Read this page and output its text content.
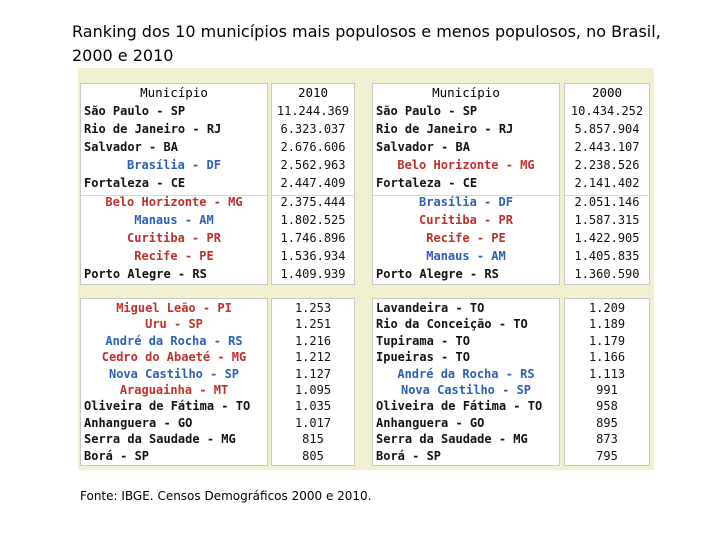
Ranking dos 10 municípios mais populosos e menos populosos, no Brasil, 2000 e 2010
Município
São Paulo - SP
Rio de Janeiro - RJ
Salvador - BA
Brasília - DF
Fortaleza - CE
Belo Horizonte - MG
Manaus - AM
Curitiba - PR
Recife - PE
Porto Alegre - RS
2010
11.244.369
6.323.037
2.676.606
2.562.963
2.447.409
2.375.444
1.802.525
1.746.896
1.536.934
1.409.939
Município
São Paulo - SP
Rio de Janeiro - RJ
Salvador - BA
Belo Horizonte - MG
Fortaleza - CE
Brasília - DF
Curitiba - PR
Recife - PE
Manaus - AM
Porto Alegre - RS
2000
10.434.252
5.857.904
2.443.107
2.238.526
2.141.402
2.051.146
1.587.315
1.422.905
1.405.835
1.360.590
Miguel Leão - PI
Uru - SP
André da Rocha - RS
Cedro do Abaeté - MG
Nova Castilho - SP
Araguainha - MT
Oliveira de Fátima - TO
Anhanguera - GO
Serra da Saudade - MG
Borá - SP
1.253
1.251
1.216
1.212
1.127
1.095
1.035
1.017
815
805
Lavandeira - TO
Rio da Conceição - TO
Tupirama - TO
Ipueiras - TO
André da Rocha - RS
Nova Castilho - SP
Oliveira de Fátima - TO
Anhanguera - GO
Serra da Saudade - MG
Borá - SP
1.209
1.189
1.179
1.166
1.113
991
958
895
873
795
Fonte: IBGE. Censos Demográficos 2000 e 2010.
